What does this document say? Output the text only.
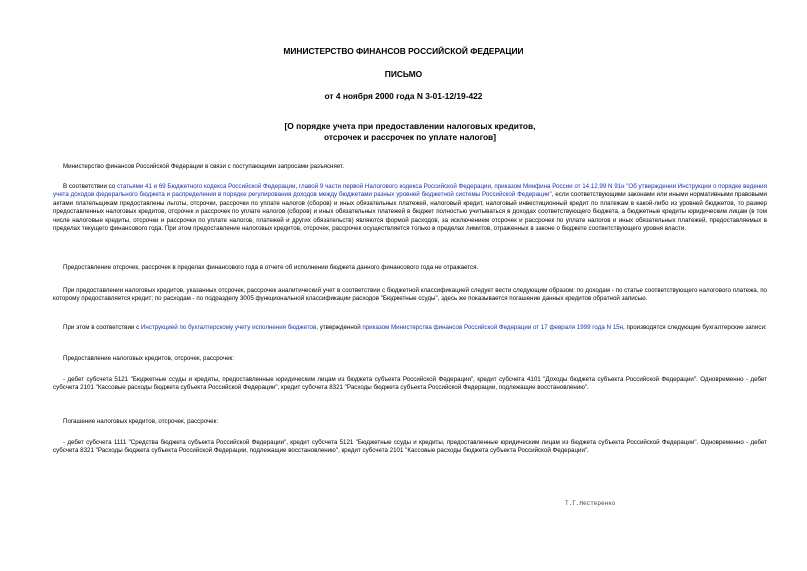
МИНИСТЕРСТВО ФИНАНСОВ РОССИЙСКОЙ ФЕДЕРАЦИИ
ПИСЬМО
от 4 ноября 2000 года N 3-01-12/19-422
[О порядке учета при предоставлении налоговых кредитов,
отсрочек и рассрочек по уплате налогов]

Министерство финансов Российской Федерации в связи с поступающими запросами разъясняет.

В соответствии со статьями 41 и 69 Бюджетного кодекса Российской Федерации, главой 9 части первой Налогового кодекса Российской Федерации, приказом Минфина России от 14.12.99 N 91н "Об утверждении Инструкции о порядке ведения учета доходов федерального бюджета и распределения в порядке регулирования доходов между бюджетами разных уровней бюджетной системы Российской Федерации", если соответствующими законами или иными нормативными правовыми актами плательщикам предоставлены льготы, отсрочки, рассрочки по уплате налогов (сборов) и иных обязательных платежей, налоговый кредит, налоговый инвестиционный кредит по платежам в какой-либо из уровней бюджетов, то размер предоставленных налоговых кредитов, отсрочек и рассрочек по уплате налогов (сборов) и иных обязательных платежей в бюджет полностью учитываться в доходах соответствующего бюджета, а бюджетные кредиты юридическим лицам (в том числе налоговые кредиты, отсрочки и рассрочки по уплате налогов, платежей и других обязательств) являются формой расходов, за исключением отсрочек и рассрочек по уплате налогов и иных обязательных платежей, предоставляемых в пределах текущего финансового года. При этом предоставление налоговых кредитов, отсрочек, рассрочек осуществляется только в пределах лимитов, отраженных в законе о бюджете соответствующего уровня власти.

Предоставление отсрочек, рассрочек в пределах финансового года в отчете об исполнении бюджета данного финансового года не отражается.

При предоставлении налоговых кредитов, указанных отсрочек, рассрочек аналитический учет в соответствии с бюджетной классификацией следует вести следующим образом: по доходам - по статье соответствующего налогового платежа, по которому предоставляется кредит; по расходам - по подразделу 3005 функциональной классификации расходов "Бюджетные ссуды", здесь же показывается погашение данных кредитов обратной записью.

При этом в соответствии с Инструкцией по бухгалтерскому учету исполнения бюджетов, утвержденной приказом Министерства финансов Российской Федерации от 17 февраля 1999 года N 15н, производятся следующие бухгалтерские записи:

Предоставление налоговых кредитов, отсрочек, рассрочек:

- дебет субсчета 5121 "Бюджетные ссуды и кредиты, предоставленные юридическим лицам из бюджета субъекта Российской Федерации", кредит субсчета 4101 "Доходы бюджета субъекта Российской Федерации". Одновременно - дебет субсчета 2101 "Кассовые расходы бюджета субъекта Российской Федерации", кредит субсчета 8321 "Расходы бюджета субъекта Российской Федерации, подлежащие восстановлению".

Погашение налоговых кредитов, отсрочек, рассрочек:

- дебет субсчета 1111 "Средства бюджета субъекта Российской Федерации", кредит субсчета 5121 "Бюджетные ссуды и кредиты, предоставленные юридическим лицам из бюджета субъекта Российской Федерации". Одновременно - дебет субсчета 8321 "Расходы бюджета субъекта Российской Федерации, подлежащие восстановлению", кредит субсчета 2101 "Кассовые расходы бюджета субъекта Российской Федерации".

Т.Г.Нестеренко
